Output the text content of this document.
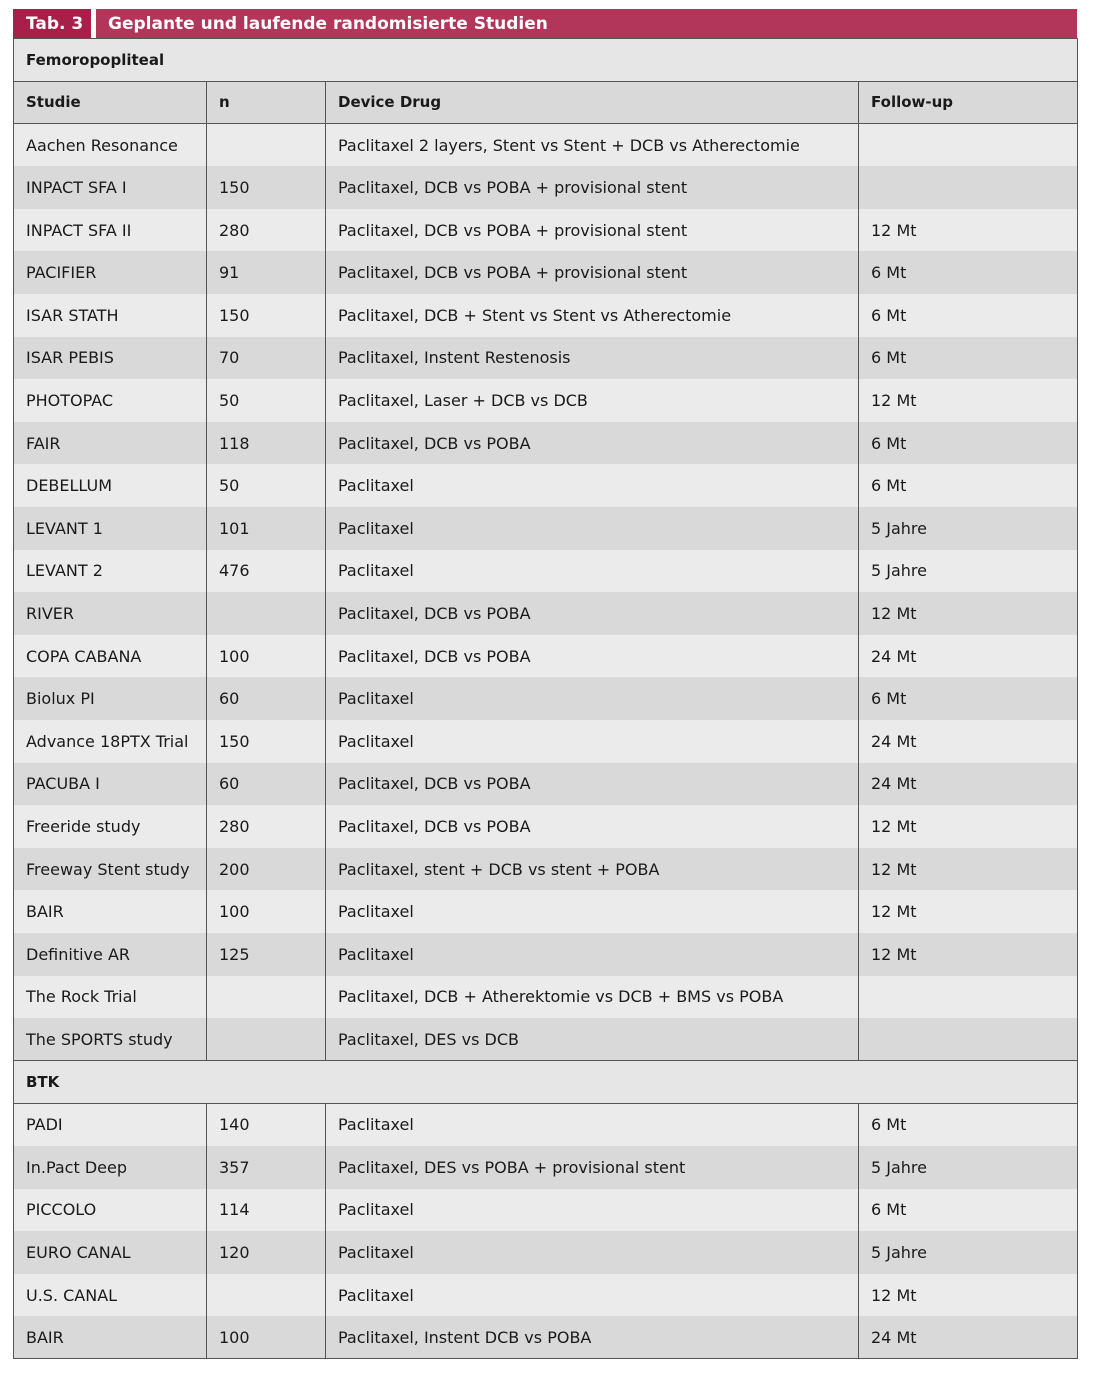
Tab. 3	Geplante und laufende randomisierte Studien
Femoropopliteal			
Studie	n	Device Drug	Follow-up
Aachen Resonance		Paclitaxel 2 layers, Stent vs Stent + DCB vs Atherectomie	
INPACT SFA I	150	Paclitaxel, DCB vs POBA + provisional stent	
INPACT SFA II	280	Paclitaxel, DCB vs POBA + provisional stent	12 Mt
PACIFIER	91	Paclitaxel, DCB vs POBA + provisional stent	6 Mt
ISAR STATH	150	Paclitaxel, DCB + Stent vs Stent vs Atherectomie	6 Mt
ISAR PEBIS	70	Paclitaxel, Instent Restenosis	6 Mt
PHOTOPAC	50	Paclitaxel, Laser + DCB vs DCB	12 Mt
FAIR	118	Paclitaxel, DCB vs POBA	6 Mt
DEBELLUM	50	Paclitaxel	6 Mt
LEVANT 1	101	Paclitaxel	5 Jahre
LEVANT 2	476	Paclitaxel	5 Jahre
RIVER		Paclitaxel, DCB vs POBA	12 Mt
COPA CABANA	100	Paclitaxel, DCB vs POBA	24 Mt
Biolux PI	60	Paclitaxel	6 Mt
Advance 18PTX Trial	150	Paclitaxel	24 Mt
PACUBA I	60	Paclitaxel, DCB vs POBA	24 Mt
Freeride study	280	Paclitaxel, DCB vs POBA	12 Mt
Freeway Stent study	200	Paclitaxel, stent + DCB vs stent + POBA	12 Mt
BAIR	100	Paclitaxel	12 Mt
Definitive AR	125	Paclitaxel	12 Mt
The Rock Trial		Paclitaxel, DCB + Atherektomie vs DCB + BMS vs POBA	
The SPORTS study		Paclitaxel, DES vs DCB	
BTK			
PADI	140	Paclitaxel	6 Mt
In.Pact Deep	357	Paclitaxel, DES vs POBA + provisional stent	5 Jahre
PICCOLO	114	Paclitaxel	6 Mt
EURO CANAL	120	Paclitaxel	5 Jahre
U.S. CANAL		Paclitaxel	12 Mt
BAIR	100	Paclitaxel, Instent DCB vs POBA	24 Mt
